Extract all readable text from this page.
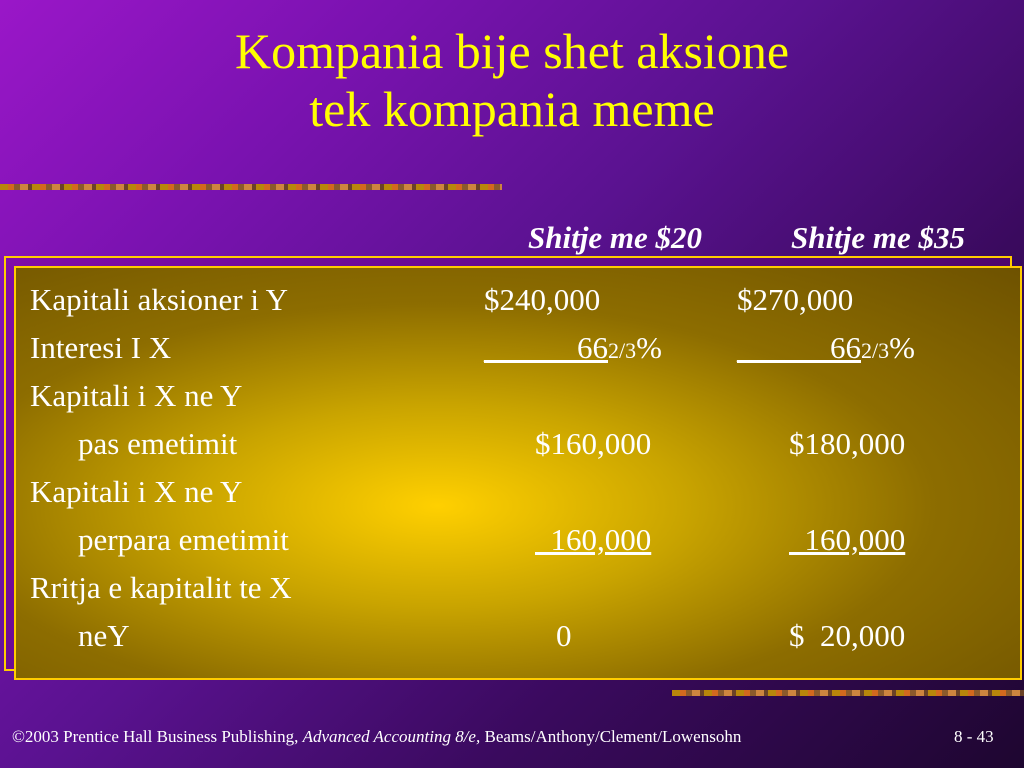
Kompania bije shet aksione
tek kompania meme
Shitje me $20	Shitje me $35
Kapitali aksioner i Y	$240,000	$270,000
Interesi I X	______662/3% ______662/3%
Kapitali i X ne Y
pas emetimit	$160,000	$180,000
Kapitali i X ne Y
perpara emetimit	160,000	160,000
Rritja e kapitalit te X
neY	0	$  20,000
©2003 Prentice Hall Business Publishing, Advanced Accounting 8/e, Beams/Anthony/Clement/Lowensohn	8 - 43
